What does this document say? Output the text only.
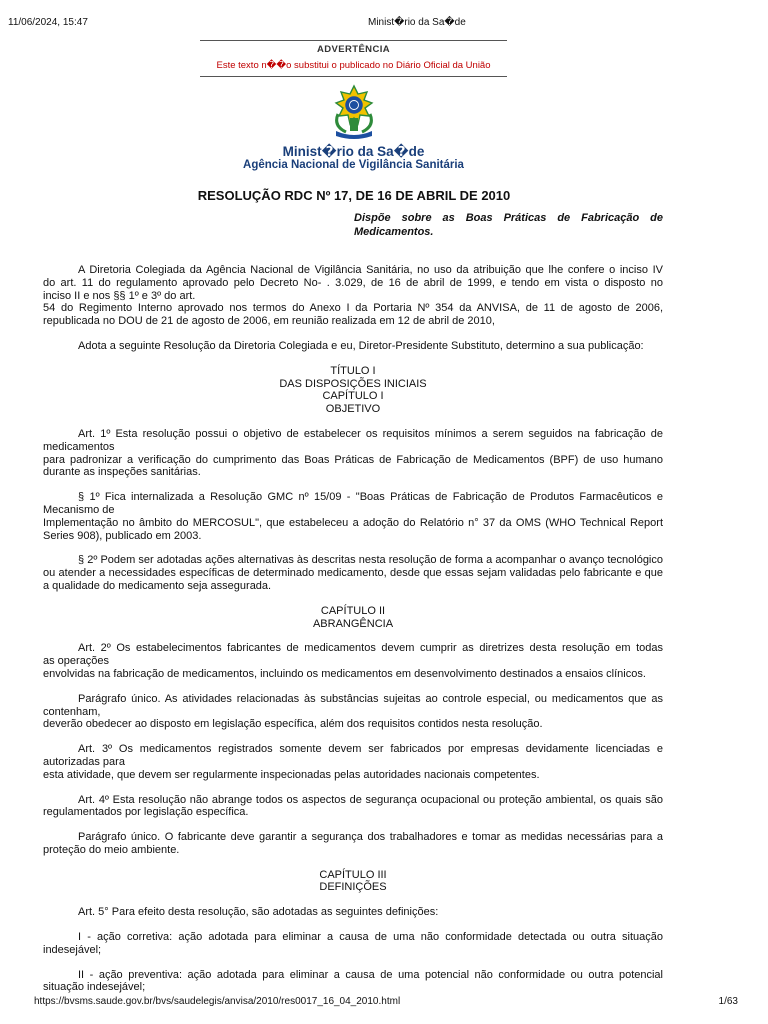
11/06/2024, 15:47	Minist�rio da Sa�de
ADVERTÊNCIA
Este texto n��o substitui o publicado no Diário Oficial da União
Minist�rio da Sa�de
Agência Nacional de Vigilância Sanitária
RESOLUÇÃO RDC Nº 17, DE 16 DE ABRIL DE 2010
Dispõe sobre as Boas Práticas de Fabricação de Medicamentos.

A Diretoria Colegiada da Agência Nacional de Vigilância Sanitária, no uso da atribuição que lhe confere o inciso IV

do art. 11 do regulamento aprovado pelo Decreto No- . 3.029, de 16 de abril de 1999, e tendo em vista o disposto no
inciso II e nos §§ 1º e 3º do art.

54 do Regimento Interno aprovado nos termos do Anexo I da Portaria Nº 354 da ANVISA, de 11 de agosto de 2006, republicada no DOU de 21 de agosto de 2006, em reunião realizada em 12 de abril de 2010,

Adota a seguinte Resolução da Diretoria Colegiada e eu, Diretor-Presidente Substituto, determino a sua publicação:

TÍTULO I
DAS DISPOSIÇÕES INICIAIS
CAPÍTULO I
OBJETIVO

Art. 1º Esta resolução possui o objetivo de estabelecer os requisitos mínimos a serem seguidos na fabricação de
medicamentos
para padronizar a verificação do cumprimento das Boas Práticas de Fabricação de Medicamentos (BPF) de uso humano durante as inspeções sanitárias.

§ 1º Fica internalizada a Resolução GMC nº 15/09 - "Boas Práticas de Fabricação de Produtos Farmacêuticos e
Mecanismo de
Implementação no âmbito do MERCOSUL", que estabeleceu a adoção do Relatório n° 37 da OMS (WHO Technical Report Series 908), publicado em 2003.

§ 2º Podem ser adotadas ações alternativas às descritas nesta resolução de forma a acompanhar o avanço tecnológico ou atender a necessidades específicas de determinado medicamento, desde que essas sejam validadas pelo fabricante e que a qualidade do medicamento seja assegurada.

CAPÍTULO II
ABRANGÊNCIA

Art. 2º Os estabelecimentos fabricantes de medicamentos devem cumprir as diretrizes desta resolução em todas
as operações
envolvidas na fabricação de medicamentos, incluindo os medicamentos em desenvolvimento destinados a ensaios clínicos.

Parágrafo único. As atividades relacionadas às substâncias sujeitas ao controle especial, ou medicamentos que as
contenham,
deverão obedecer ao disposto em legislação específica, além dos requisitos contidos nesta resolução.

Art. 3º Os medicamentos registrados somente devem ser fabricados por empresas devidamente licenciadas e
autorizadas para
esta atividade, que devem ser regularmente inspecionadas pelas autoridades nacionais competentes.

Art. 4º Esta resolução não abrange todos os aspectos de segurança ocupacional ou proteção ambiental, os quais são regulamentados por legislação específica.

Parágrafo único. O fabricante deve garantir a segurança dos trabalhadores e tomar as medidas necessárias para a proteção do meio ambiente.

CAPÍTULO III
DEFINIÇÕES

Art. 5° Para efeito desta resolução, são adotadas as seguintes definições:

I - ação corretiva: ação adotada para eliminar a causa de uma não conformidade detectada ou outra situação indesejável;

II - ação preventiva: ação adotada para eliminar a causa de uma potencial não conformidade ou outra potencial situação indesejável;

https://bvsms.saude.gov.br/bvs/saudelegis/anvisa/2010/res0017_16_04_2010.html	1/63
